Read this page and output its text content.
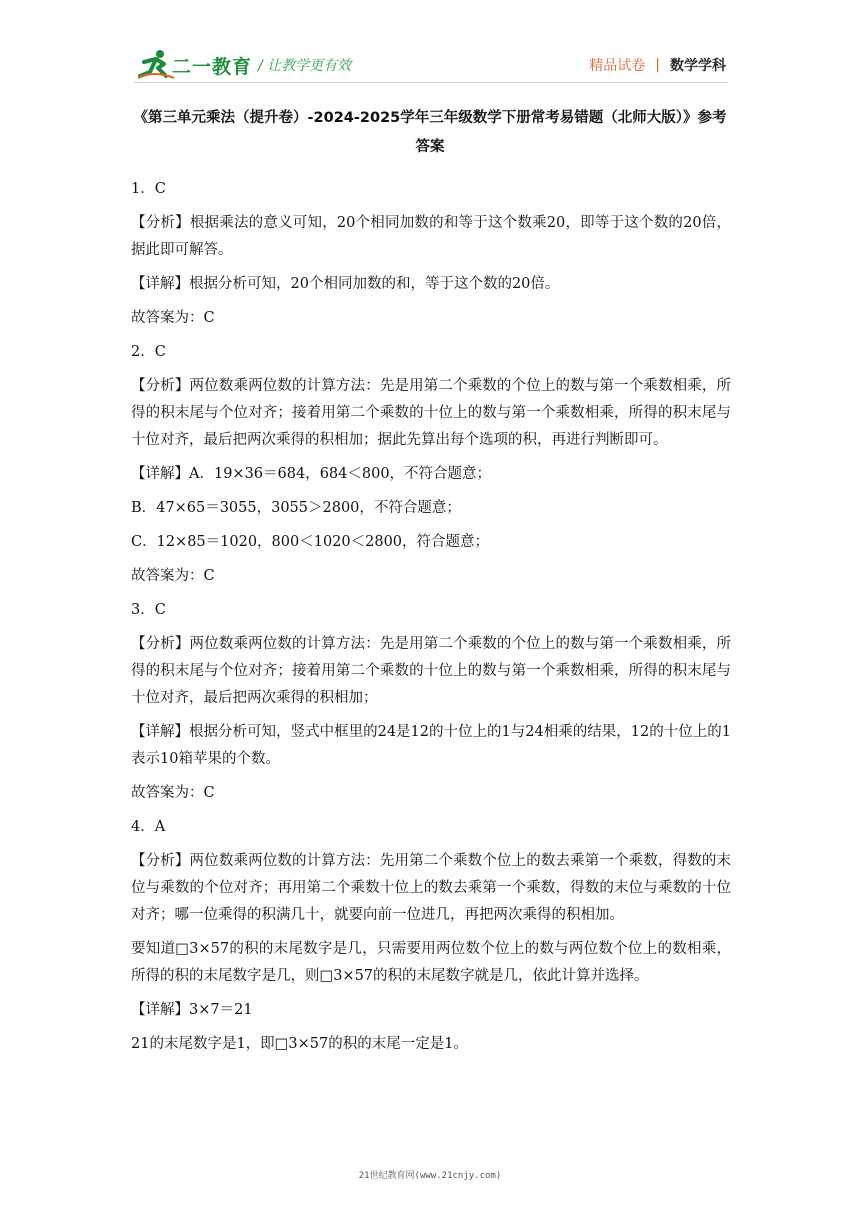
二一教育 / 让教学更有效	精品试卷 | 数学学科
《第三单元乘法（提升卷）-2024-2025学年三年级数学下册常考易错题（北师大版）》参考答案

1．C

【分析】根据乘法的意义可知，20个相同加数的和等于这个数乘20，即等于这个数的20倍，据此即可解答。

【详解】根据分析可知，20个相同加数的和，等于这个数的20倍。

故答案为：C

2．C

【分析】两位数乘两位数的计算方法：先是用第二个乘数的个位上的数与第一个乘数相乘，所得的积末尾与个位对齐；接着用第二个乘数的十位上的数与第一个乘数相乘，所得的积末尾与十位对齐，最后把两次乘得的积相加；据此先算出每个选项的积，再进行判断即可。

【详解】A．19×36＝684，684＜800，不符合题意；

B．47×65＝3055，3055＞2800，不符合题意；

C．12×85＝1020，800＜1020＜2800，符合题意；

故答案为：C

3．C

【分析】两位数乘两位数的计算方法：先是用第二个乘数的个位上的数与第一个乘数相乘，所得的积末尾与个位对齐；接着用第二个乘数的十位上的数与第一个乘数相乘，所得的积末尾与十位对齐，最后把两次乘得的积相加；

【详解】根据分析可知，竖式中框里的24是12的十位上的1与24相乘的结果，12的十位上的1表示10箱苹果的个数。

故答案为：C

4．A

【分析】两位数乘两位数的计算方法：先用第二个乘数个位上的数去乘第一个乘数，得数的末位与乘数的个位对齐；再用第二个乘数十位上的数去乘第一个乘数，得数的末位与乘数的十位对齐；哪一位乘得的积满几十，就要向前一位进几，再把两次乘得的积相加。

要知道□3×57的积的末尾数字是几，只需要用两位数个位上的数与两位数个位上的数相乘，所得的积的末尾数字是几，则□3×57的积的末尾数字就是几，依此计算并选择。

【详解】3×7＝21

21的末尾数字是1，即□3×57的积的末尾一定是1。

21世纪教育网(www.21cnjy.com)
